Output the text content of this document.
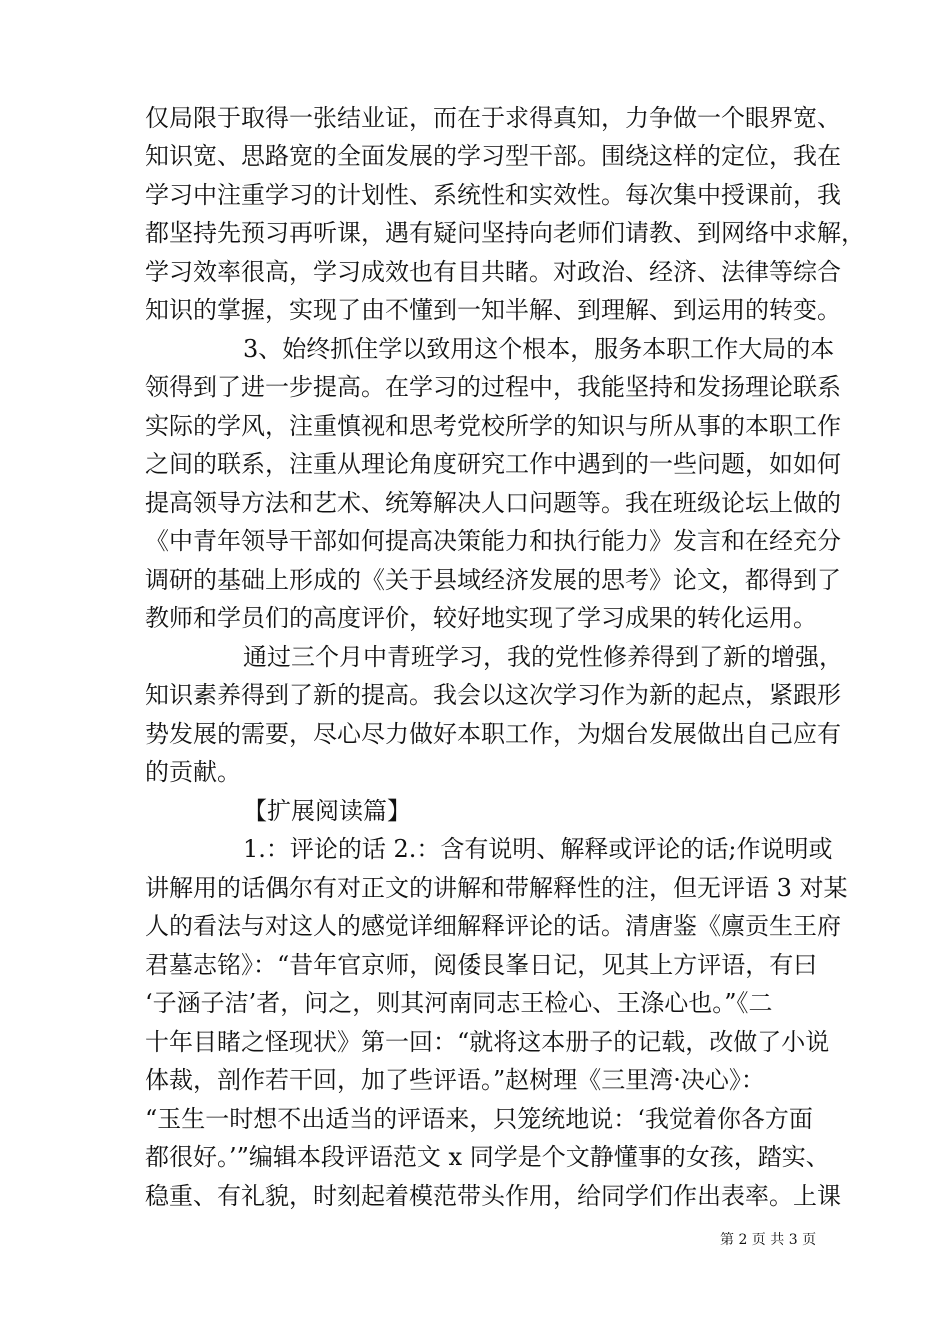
仅局限于取得一张结业证，而在于求得真知，力争做一个眼界宽、
知识宽、思路宽的全面发展的学习型干部。围绕这样的定位，我在
学习中注重学习的计划性、系统性和实效性。每次集中授课前，我
都坚持先预习再听课，遇有疑问坚持向老师们请教、到网络中求解，
学习效率很高，学习成效也有目共睹。对政治、经济、法律等综合
知识的掌握，实现了由不懂到一知半解、到理解、到运用的转变。
3、始终抓住学以致用这个根本，服务本职工作大局的本
领得到了进一步提高。在学习的过程中，我能坚持和发扬理论联系
实际的学风，注重慎视和思考党校所学的知识与所从事的本职工作
之间的联系，注重从理论角度研究工作中遇到的一些问题，如如何
提高领导方法和艺术、统筹解决人口问题等。我在班级论坛上做的
《中青年领导干部如何提高决策能力和执行能力》发言和在经充分
调研的基础上形成的《关于县域经济发展的思考》论文，都得到了
教师和学员们的高度评价，较好地实现了学习成果的转化运用。
通过三个月中青班学习，我的党性修养得到了新的增强，
知识素养得到了新的提高。我会以这次学习作为新的起点，紧跟形
势发展的需要，尽心尽力做好本职工作，为烟台发展做出自己应有
的贡献。
【扩展阅读篇】
1.：评论的话 2.：含有说明、解释或评论的话;作说明或
讲解用的话偶尔有对正文的讲解和带解释性的注，但无评语 3 对某
人的看法与对这人的感觉详细解释评论的话。清唐鉴《廪贡生王府
君墓志铭》：“昔年官京师，阅倭艮峯日记，见其上方评语，有曰
‘子涵子洁’者，问之，则其河南同志王检心、王涤心也。”《二
十年目睹之怪现状》第一回：“就将这本册子的记载，改做了小说
体裁，剖作若干回，加了些评语。”赵树理《三里湾·决心》：
“玉生一时想不出适当的评语来，只笼统地说：‘我觉着你各方面
都很好。’”编辑本段评语范文 x 同学是个文静懂事的女孩，踏实、
稳重、有礼貌，时刻起着模范带头作用，给同学们作出表率。上课
第 2 页 共 3 页
